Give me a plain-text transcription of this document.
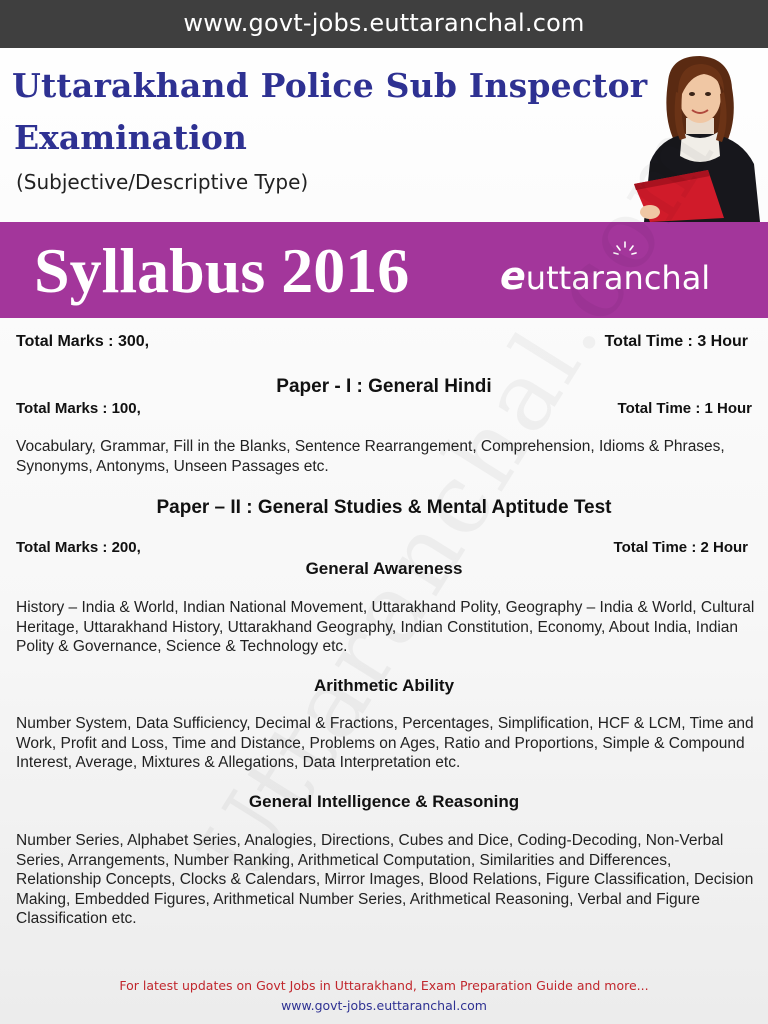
www.govt-jobs.euttaranchal.com
Uttarakhand Police Sub Inspector
Examination
(Subjective/Descriptive Type)
Syllabus 2016 euttaranchal
Total Marks : 300,	Total Time : 3 Hour
Paper - I : General Hindi
Total Marks : 100,	Total Time : 1 Hour
Vocabulary, Grammar, Fill in the Blanks, Sentence Rearrangement, Comprehension, Idioms & Phrases, Synonyms, Antonyms, Unseen Passages etc.
Paper – II : General Studies & Mental Aptitude Test
Total Marks : 200,	Total Time : 2 Hour
General Awareness
History – India & World, Indian National Movement, Uttarakhand Polity, Geography – India & World, Cultural Heritage, Uttarakhand History, Uttarakhand Geography, Indian Constitution, Economy, About India, Indian Polity & Governance, Science & Technology etc.
Arithmetic Ability
Number System, Data Sufficiency, Decimal & Fractions, Percentages, Simplification, HCF & LCM, Time and Work, Profit and Loss, Time and Distance, Problems on Ages, Ratio and Proportions, Simple & Compound Interest, Average, Mixtures & Allegations, Data Interpretation etc.
General Intelligence & Reasoning
Number Series, Alphabet Series, Analogies, Directions, Cubes and Dice, Coding-Decoding, Non-Verbal Series, Arrangements, Number Ranking, Arithmetical Computation, Similarities and Differences, Relationship Concepts, Clocks & Calendars, Mirror Images, Blood Relations, Figure Classification, Decision Making, Embedded Figures, Arithmetical Number Series, Arithmetical Reasoning, Verbal and Figure Classification etc.
For latest updates on Govt Jobs in Uttarakhand, Exam Preparation Guide and more...
www.govt-jobs.euttaranchal.com
